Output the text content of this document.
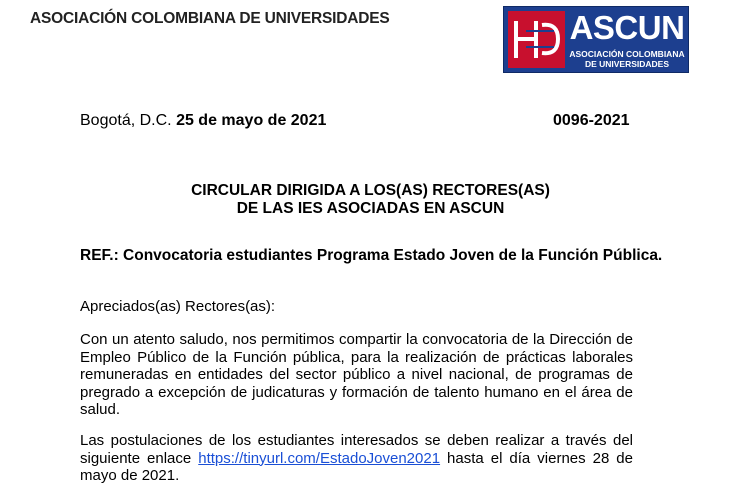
ASOCIACIÓN COLOMBIANA DE UNIVERSIDADES	ASCUN
ASOCIACIÓN COLOMBIANA
DE UNIVERSIDADES
Bogotá, D.C. 25 de mayo de 2021	0096-2021
CIRCULAR DIRIGIDA A LOS(AS) RECTORES(AS)
DE LAS IES ASOCIADAS EN ASCUN
REF.: Convocatoria estudiantes Programa Estado Joven de la Función Pública.
Apreciados(as) Rectores(as):
Con un atento saludo, nos permitimos compartir la convocatoria de la Dirección de Empleo Público de la Función pública, para la realización de prácticas laborales remuneradas en entidades del sector público a nivel nacional, de programas de pregrado a excepción de judicaturas y formación de talento humano en el área de salud.
Las postulaciones de los estudiantes interesados se deben realizar a través del siguiente enlace https://tinyurl.com/EstadoJoven2021 hasta el día viernes 28 de mayo de 2021.
